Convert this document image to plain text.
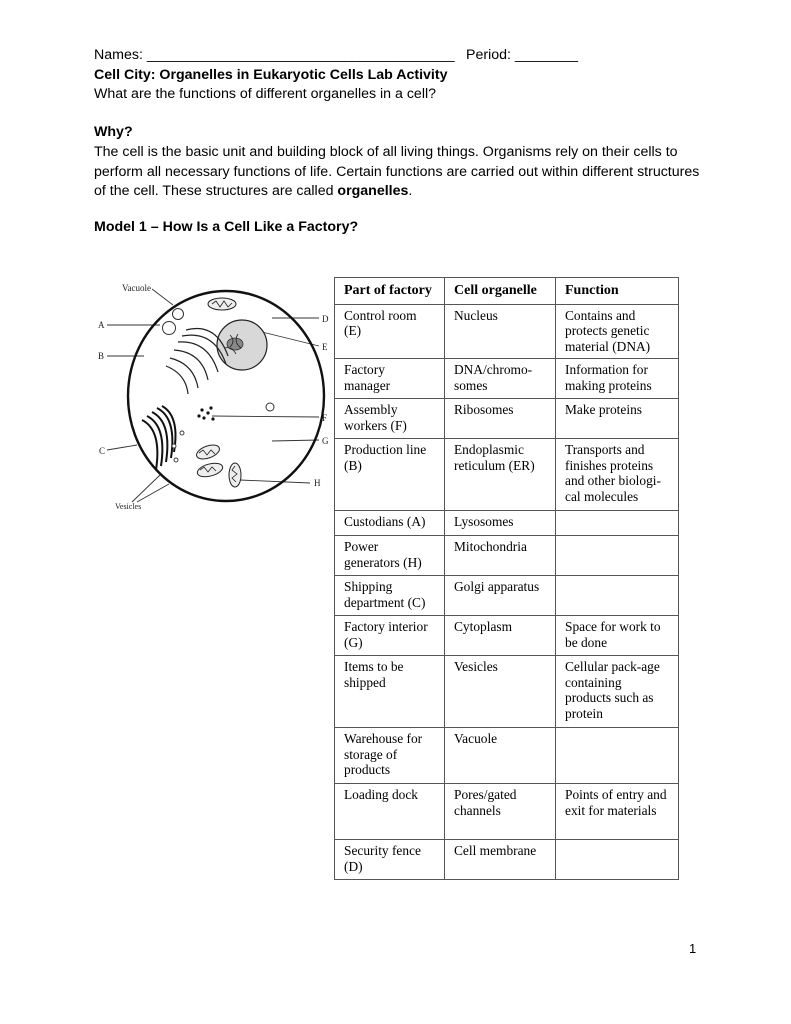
Names: _______________________________________ Period: ________
Cell City: Organelles in Eukaryotic Cells Lab Activity
What are the functions of different organelles in a cell?
Why?
The cell is the basic unit and building block of all living things. Organisms rely on their cells to perform all necessary functions of life. Certain functions are carried out within different structures of the cell. These structures are called organelles.
Model 1 – How Is a Cell Like a Factory?
Vacuole
A
B
C
D
E
F
G
H
Vesicles
Part of factory	Cell organelle	Function
Control room (E)	Nucleus	Contains and protects genetic material (DNA)
Factory manager	DNA/chromo-somes	Information for making proteins
Assembly workers (F)	Ribosomes	Make proteins
Production line (B)	Endoplasmic reticulum (ER)	Transports and finishes proteins and other biologi-cal molecules
Custodians (A)	Lysosomes	
Power generators (H)	Mitochondria	
Shipping department (C)	Golgi apparatus	
Factory interior (G)	Cytoplasm	Space for work to be done
Items to be shipped	Vesicles	Cellular pack-age containing products such as protein
Warehouse for storage of products	Vacuole	
Loading dock	Pores/gated channels	Points of entry and exit for materials
Security fence (D)	Cell membrane	
1
